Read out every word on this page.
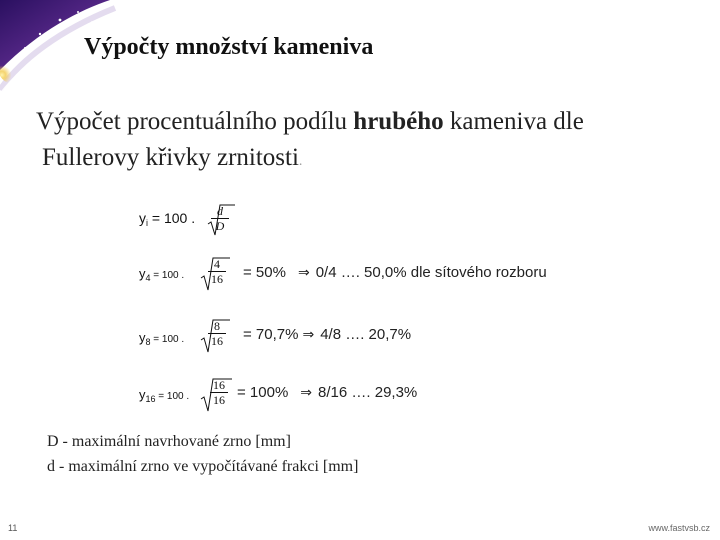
Výpočty množství kameniva
Výpočet procentuálního podílu hrubého kameniva dle
Fullerovy křivky zrnitosti.
$y_i = 100$ . $\frac{d}{D}$
$y_4 = 100$ . $\frac{4}{16} = 50\%$ ⇒ 0/4 …. 50,0% dle sítového rozboru
$y_8 = 100$ . $\frac{8}{16} = 70,7\%$ ⇒ 4/8 …. 20,7%
$y_{16} = 100$ . $\frac{16}{16} = 100\%$ ⇒ 8/16 …. 29,3%
D - maximální navrhované zrno [mm]
d - maximální zrno ve vypočítávané frakci [mm]
11	www.fastvsb.cz
